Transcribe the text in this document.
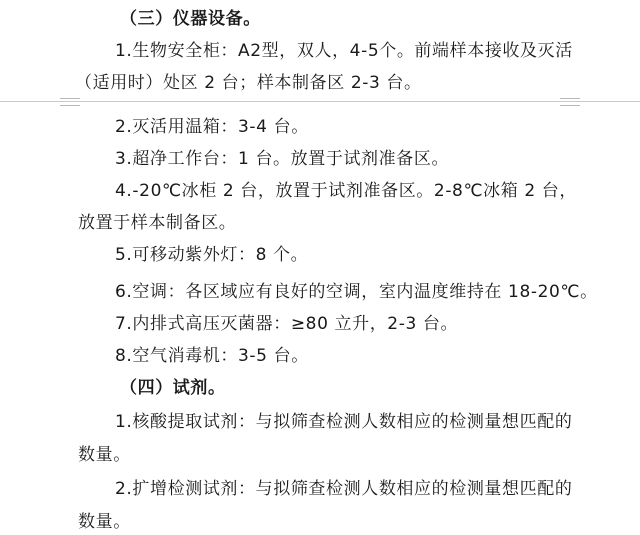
（三）仪器设备。
1.生物安全柜：A2型，双人，4-5个。前端样本接收及灭活
（适用时）处区 2 台；样本制备区 2-3 台。
2.灭活用温箱：3-4 台。
3.超净工作台：1 台。放置于试剂准备区。
4.-20℃冰柜 2 台，放置于试剂准备区。2-8℃冰箱 2 台，
放置于样本制备区。
5.可移动紫外灯：8 个。
6.空调：各区域应有良好的空调，室内温度维持在 18-20℃。
7.内排式高压灭菌器：≥80 立升，2-3 台。
8.空气消毒机：3-5 台。
（四）试剂。
1.核酸提取试剂：与拟筛查检测人数相应的检测量想匹配的
数量。
2.扩增检测试剂：与拟筛查检测人数相应的检测量想匹配的
数量。
